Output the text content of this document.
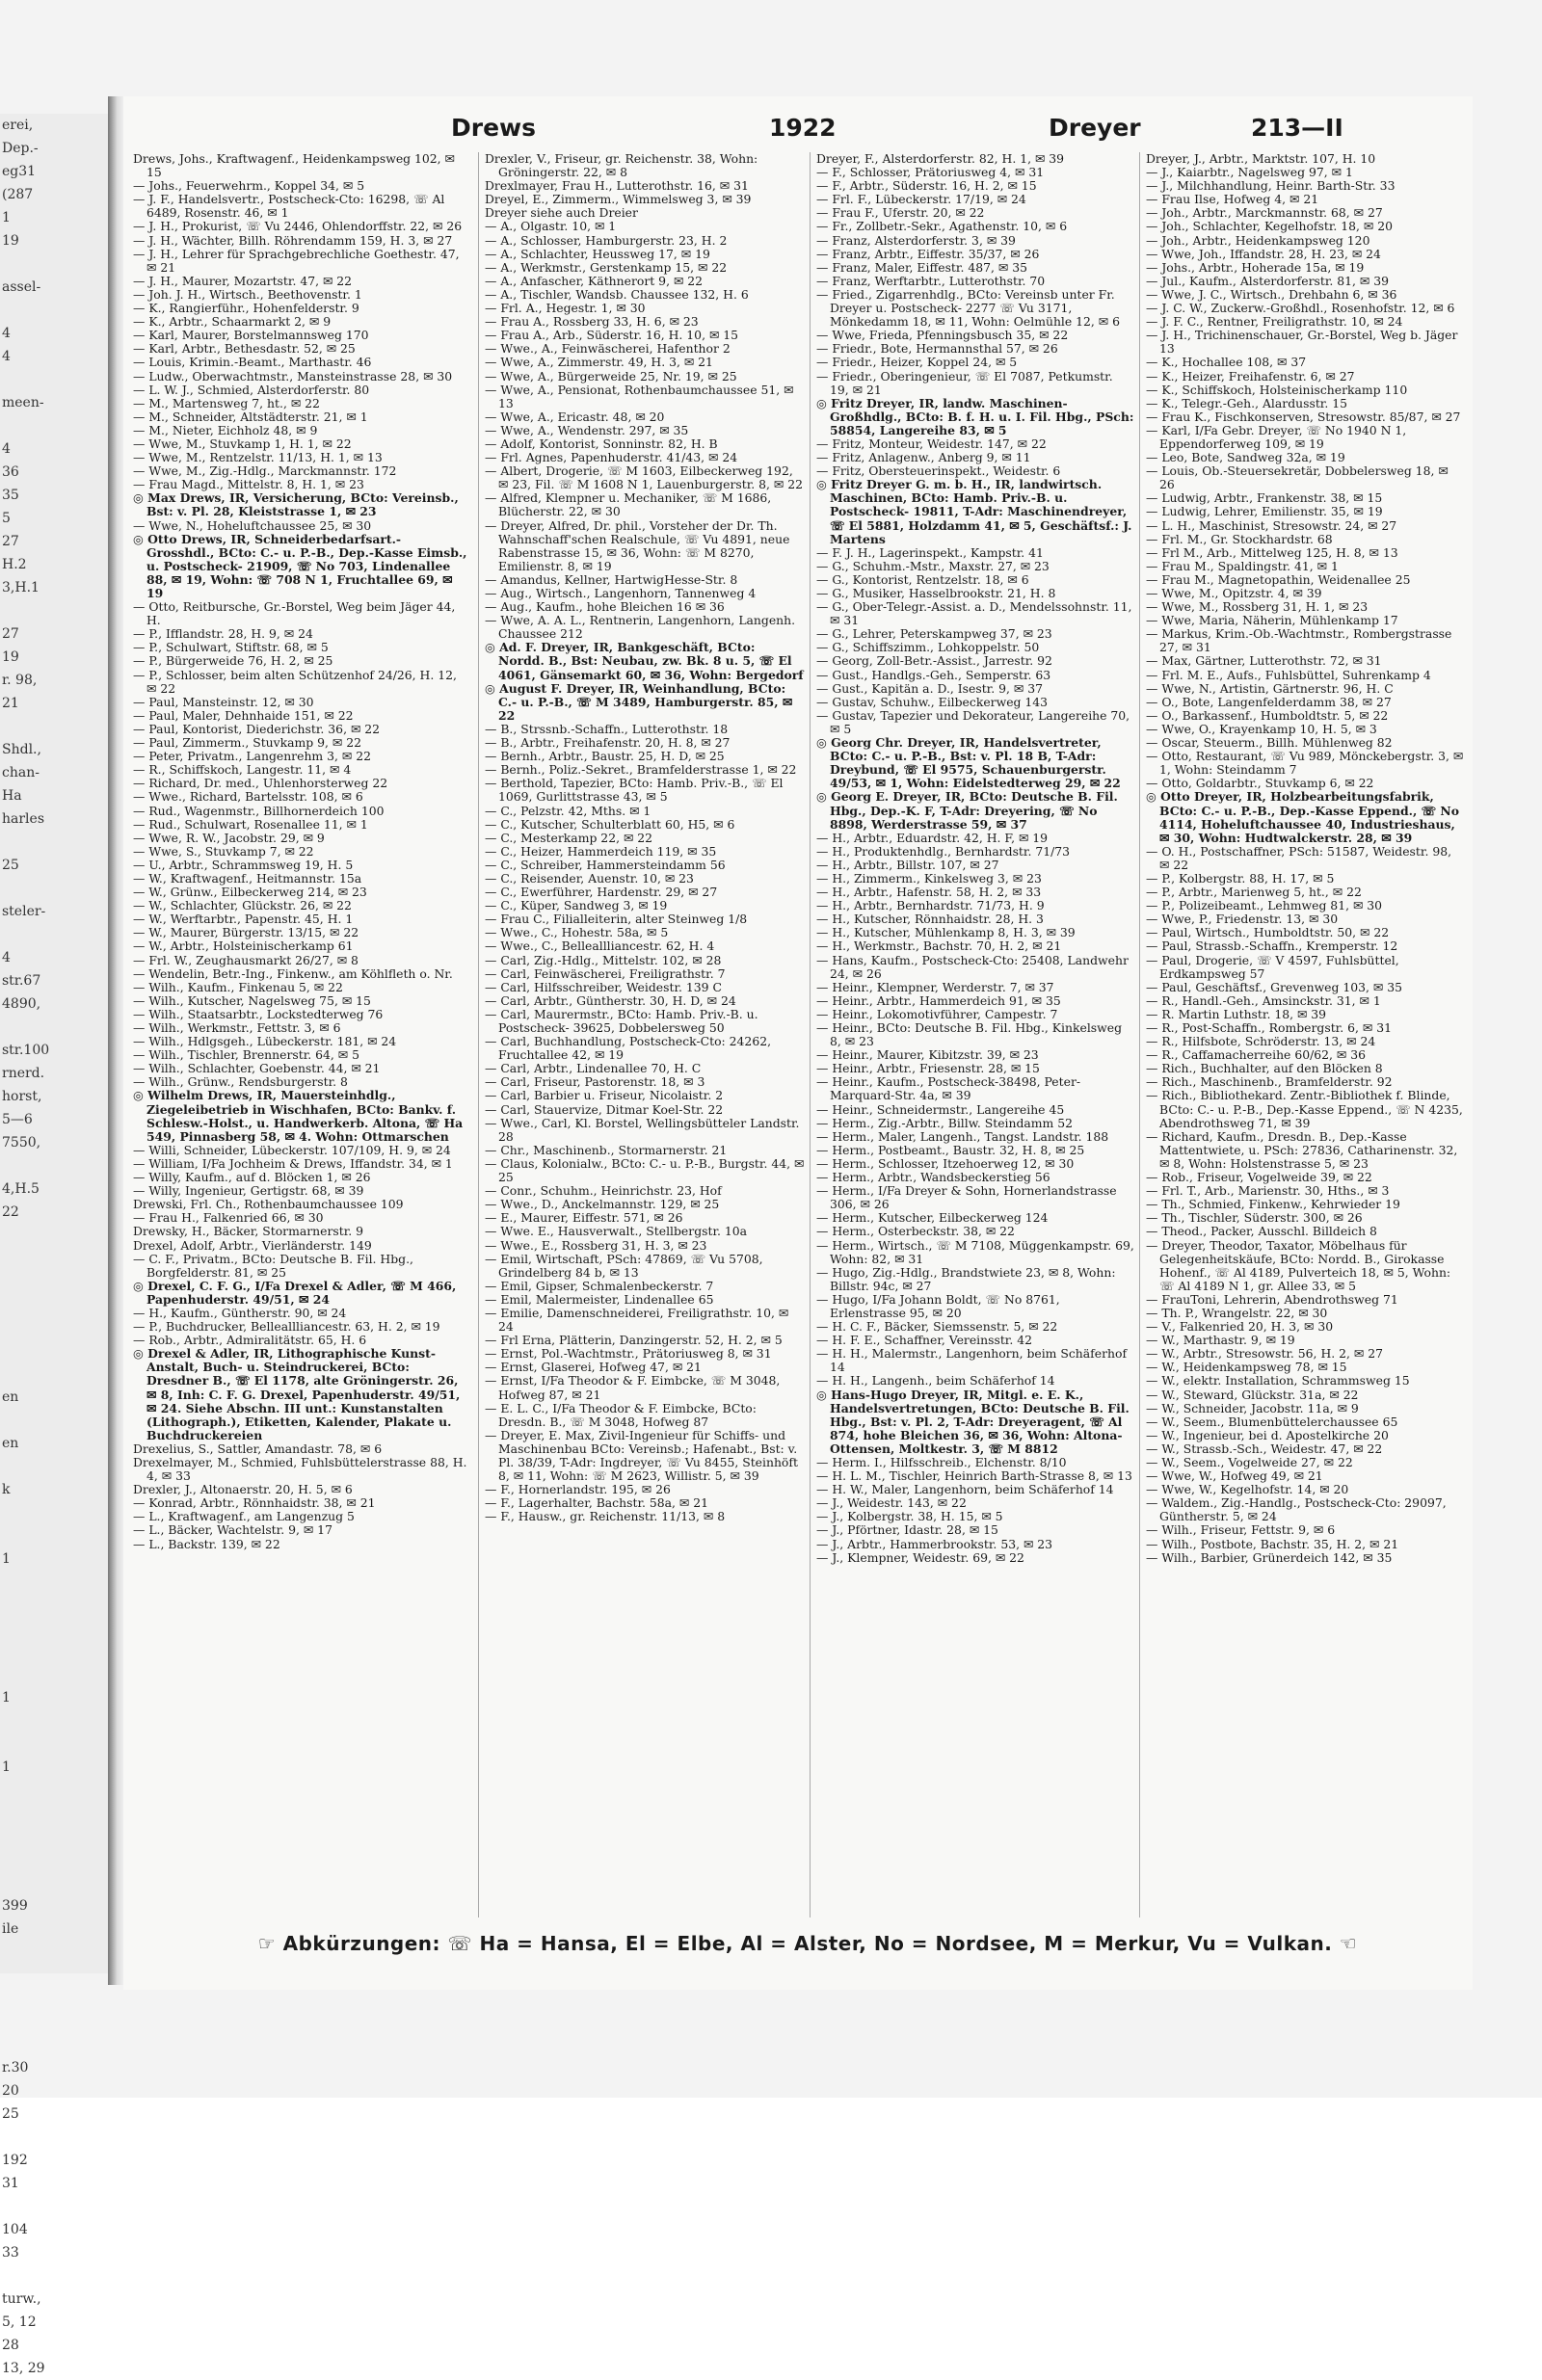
erei,
Dep.-
eg31
(287
1
19

assel-

4
4

meen-

4
36
35
5
27
H.2
3,H.1

27
19
r. 98,
21

Shdl.,
chan-
Ha
harles

25

steler-

4
str.67
4890,

str.100
rnerd.
horst,
5—6
7550,

4,H.5
22

en

en

k

1

1

1

399
ile

r.30
20
25

192
31

104
33

turw.,
5, 12
28
13, 29
Drews	1922	Dreyer	213—II

Drews, Johs., Kraftwagenf., Heidenkampsweg 102, ✉ 15

— Johs., Feuerwehrm., Koppel 34, ✉ 5

— J. F., Handelsvertr., Postscheck-Cto: 16298, ☏ Al 6489, Rosenstr. 46, ✉ 1

— J. H., Prokurist, ☏ Vu 2446, Ohlendorffstr. 22, ✉ 26

— J. H., Wächter, Billh. Röhrendamm 159, H. 3, ✉ 27

— J. H., Lehrer für Sprachgebrechliche Goethestr. 47, ✉ 21

— J. H., Maurer, Mozartstr. 47, ✉ 22

— Joh. J. H., Wirtsch., Beethovenstr. 1

— K., Rangierführ., Hohenfelderstr. 9

— K., Arbtr., Schaarmarkt 2, ✉ 9

— Karl, Maurer, Borstelmannsweg 170

— Karl, Arbtr., Bethesdastr. 52, ✉ 25

— Louis, Krimin.-Beamt., Marthastr. 46

— Ludw., Oberwachtmstr., Mansteinstrasse 28, ✉ 30

— L. W. J., Schmied, Alsterdorferstr. 80

— M., Martensweg 7, ht., ✉ 22

— M., Schneider, Altstädterstr. 21, ✉ 1

— M., Nieter, Eichholz 48, ✉ 9

— Wwe, M., Stuvkamp 1, H. 1, ✉ 22

— Wwe, M., Rentzelstr. 11/13, H. 1, ✉ 13

— Wwe, M., Zig.-Hdlg., Marckmannstr. 172

— Frau Magd., Mittelstr. 8, H. 1, ✉ 23

◎ Max Drews, IR, Versicherung, BCto: Vereinsb., Bst: v. Pl. 28, Kleiststrasse 1, ✉ 23

— Wwe, N., Hoheluftchaussee 25, ✉ 30

◎ Otto Drews, IR, Schneiderbedarfsart.-Grosshdl., BCto: C.- u. P.-B., Dep.-Kasse Eimsb., u. Postscheck- 21909, ☏ No 703, Lindenallee 88, ✉ 19, Wohn: ☏ 708 N 1, Fruchtallee 69, ✉ 19

— Otto, Reitbursche, Gr.-Borstel, Weg beim Jäger 44, H.

— P., Ifflandstr. 28, H. 9, ✉ 24

— P., Schulwart, Stiftstr. 68, ✉ 5

— P., Bürgerweide 76, H. 2, ✉ 25

— P., Schlosser, beim alten Schützenhof 24/26, H. 12, ✉ 22

— Paul, Mansteinstr. 12, ✉ 30

— Paul, Maler, Dehnhaide 151, ✉ 22

— Paul, Kontorist, Diederichstr. 36, ✉ 22

— Paul, Zimmerm., Stuvkamp 9, ✉ 22

— Peter, Privatm., Langenrehm 3, ✉ 22

— R., Schiffskoch, Langestr. 11, ✉ 4

— Richard, Dr. med., Uhlenhorsterweg 22

— Wwe., Richard, Bartelsstr. 108, ✉ 6

— Rud., Wagenmstr., Billhornerdeich 100

— Rud., Schulwart, Rosenallee 11, ✉ 1

— Wwe, R. W., Jacobstr. 29, ✉ 9

— Wwe, S., Stuvkamp 7, ✉ 22

— U., Arbtr., Schrammsweg 19, H. 5

— W., Kraftwagenf., Heitmannstr. 15a

— W., Grünw., Eilbeckerweg 214, ✉ 23

— W., Schlachter, Glückstr. 26, ✉ 22

— W., Werftarbtr., Papenstr. 45, H. 1

— W., Maurer, Bürgerstr. 13/15, ✉ 22

— W., Arbtr., Holsteinischerkamp 61

— Frl. W., Zeughausmarkt 26/27, ✉ 8

— Wendelin, Betr.-Ing., Finkenw., am Köhlfleth o. Nr.

— Wilh., Kaufm., Finkenau 5, ✉ 22

— Wilh., Kutscher, Nagelsweg 75, ✉ 15

— Wilh., Staatsarbtr., Lockstedterweg 76

— Wilh., Werkmstr., Fettstr. 3, ✉ 6

— Wilh., Hdlgsgeh., Lübeckerstr. 181, ✉ 24

— Wilh., Tischler, Brennerstr. 64, ✉ 5

— Wilh., Schlachter, Goebenstr. 44, ✉ 21

— Wilh., Grünw., Rendsburgerstr. 8

◎ Wilhelm Drews, IR, Mauersteinhdlg., Ziegeleibetrieb in Wischhafen, BCto: Bankv. f. Schlesw.-Holst., u. Handwerkerb. Altona, ☏ Ha 549, Pinnasberg 58, ✉ 4. Wohn: Ottmarschen

— Willi, Schneider, Lübeckerstr. 107/109, H. 9, ✉ 24

— William, I/Fa Jochheim & Drews, Iffandstr. 34, ✉ 1

— Willy, Kaufm., auf d. Blöcken 1, ✉ 26

— Willy, Ingenieur, Gertigstr. 68, ✉ 39

Drewski, Frl. Ch., Rothenbaumchaussee 109

— Frau H., Falkenried 66, ✉ 30

Drewsky, H., Bäcker, Stormarnerstr. 9

Drexel, Adolf, Arbtr., Vierländerstr. 149

— C. F., Privatm., BCto: Deutsche B. Fil. Hbg., Borgfelderstr. 81, ✉ 25

◎ Drexel, C. F. G., I/Fa Drexel & Adler, ☏ M 466, Papenhuderstr. 49/51, ✉ 24

— H., Kaufm., Güntherstr. 90, ✉ 24

— P., Buchdrucker, Belleallliancestr. 63, H. 2, ✉ 19

— Rob., Arbtr., Admiralitätstr. 65, H. 6

◎ Drexel & Adler, IR, Lithographische Kunst-Anstalt, Buch- u. Steindruckerei, BCto: Dresdner B., ☏ El 1178, alte Gröningerstr. 26, ✉ 8, Inh: C. F. G. Drexel, Papenhuderstr. 49/51, ✉ 24. Siehe Abschn. III unt.: Kunstanstalten (Lithograph.), Etiketten, Kalender, Plakate u. Buchdruckereien

Drexelius, S., Sattler, Amandastr. 78, ✉ 6

Drexelmayer, M., Schmied, Fuhlsbüttelerstrasse 88, H. 4, ✉ 33

Drexler, J., Altonaerstr. 20, H. 5, ✉ 6

— Konrad, Arbtr., Rönnhaidstr. 38, ✉ 21

— L., Kraftwagenf., am Langenzug 5

— L., Bäcker, Wachtelstr. 9, ✉ 17

— L., Backstr. 139, ✉ 22

Drexler, V., Friseur, gr. Reichenstr. 38, Wohn: Gröningerstr. 22, ✉ 8

Drexlmayer, Frau H., Lutterothstr. 16, ✉ 31

Dreyel, E., Zimmerm., Wimmelsweg 3, ✉ 39

Dreyer siehe auch Dreier

— A., Olgastr. 10, ✉ 1

— A., Schlosser, Hamburgerstr. 23, H. 2

— A., Schlachter, Heussweg 17, ✉ 19

— A., Werkmstr., Gerstenkamp 15, ✉ 22

— A., Anfascher, Käthnerort 9, ✉ 22

— A., Tischler, Wandsb. Chaussee 132, H. 6

— Frl. A., Hegestr. 1, ✉ 30

— Frau A., Rossberg 33, H. 6, ✉ 23

— Frau A., Arb., Süderstr. 16, H. 10, ✉ 15

— Wwe., A., Feinwäscherei, Hafenthor 2

— Wwe, A., Zimmerstr. 49, H. 3, ✉ 21

— Wwe, A., Bürgerweide 25, Nr. 19, ✉ 25

— Wwe, A., Pensionat, Rothenbaumchaussee 51, ✉ 13

— Wwe, A., Ericastr. 48, ✉ 20

— Wwe, A., Wendenstr. 297, ✉ 35

— Adolf, Kontorist, Sonninstr. 82, H. B

— Frl. Agnes, Papenhuderstr. 41/43, ✉ 24

— Albert, Drogerie, ☏ M 1603, Eilbeckerweg 192, ✉ 23, Fil. ☏ M 1608 N 1, Lauenburgerstr. 8, ✉ 22

— Alfred, Klempner u. Mechaniker, ☏ M 1686, Blücherstr. 22, ✉ 30

— Dreyer, Alfred, Dr. phil., Vorsteher der Dr. Th. Wahnschaff'schen Realschule, ☏ Vu 4891, neue Rabenstrasse 15, ✉ 36, Wohn: ☏ M 8270, Emilienstr. 8, ✉ 19

— Amandus, Kellner, HartwigHesse-Str. 8

— Aug., Wirtsch., Langenhorn, Tannenweg 4

— Aug., Kaufm., hohe Bleichen 16 ✉ 36

— Wwe, A. A. L., Rentnerin, Langenhorn, Langenh. Chaussee 212

◎ Ad. F. Dreyer, IR, Bankgeschäft, BCto: Nordd. B., Bst: Neubau, zw. Bk. 8 u. 5, ☏ El 4061, Gänsemarkt 60, ✉ 36, Wohn: Bergedorf

◎ August F. Dreyer, IR, Weinhandlung, BCto: C.- u. P.-B., ☏ M 3489, Hamburgerstr. 85, ✉ 22

— B., Strssnb.-Schaffn., Lutterothstr. 18

— B., Arbtr., Freihafenstr. 20, H. 8, ✉ 27

— Bernh., Arbtr., Baustr. 25, H. D, ✉ 25

— Bernh., Poliz.-Sekret., Bramfelderstrasse 1, ✉ 22

— Berthold, Tapezier, BCto: Hamb. Priv.-B., ☏ El 1069, Gurlittstrasse 43, ✉ 5

— C., Pelzstr. 42, Mths. ✉ 1

— C., Kutscher, Schulterblatt 60, H5, ✉ 6

— C., Mesterkamp 22, ✉ 22

— C., Heizer, Hammerdeich 119, ✉ 35

— C., Schreiber, Hammersteindamm 56

— C., Reisender, Auenstr. 10, ✉ 23

— C., Ewerführer, Hardenstr. 29, ✉ 27

— C., Küper, Sandweg 3, ✉ 19

— Frau C., Filialleiterin, alter Steinweg 1/8

— Wwe., C., Hohestr. 58a, ✉ 5

— Wwe., C., Belleallliancestr. 62, H. 4

— Carl, Zig.-Hdlg., Mittelstr. 102, ✉ 28

— Carl, Feinwäscherei, Freiligrathstr. 7

— Carl, Hilfsschreiber, Weidestr. 139 C

— Carl, Arbtr., Güntherstr. 30, H. D, ✉ 24

— Carl, Maurermstr., BCto: Hamb. Priv.-B. u. Postscheck- 39625, Dobbelersweg 50

— Carl, Buchhandlung, Postscheck-Cto: 24262, Fruchtallee 42, ✉ 19

— Carl, Arbtr., Lindenallee 70, H. C

— Carl, Friseur, Pastorenstr. 18, ✉ 3

— Carl, Barbier u. Friseur, Nicolaistr. 2

— Carl, Stauervize, Ditmar Koel-Str. 22

— Wwe., Carl, Kl. Borstel, Wellingsbütteler Landstr. 28

— Chr., Maschinenb., Stormarnerstr. 21

— Claus, Kolonialw., BCto: C.- u. P.-B., Burgstr. 44, ✉ 25

— Conr., Schuhm., Heinrichstr. 23, Hof

— Wwe., D., Anckelmannstr. 129, ✉ 25

— E., Maurer, Eiffestr. 571, ✉ 26

— Wwe. E., Hausverwalt., Stellbergstr. 10a

— Wwe., E., Rossberg 31, H. 3, ✉ 23

— Emil, Wirtschaft, PSch: 47869, ☏ Vu 5708, Grindelberg 84 b, ✉ 13

— Emil, Gipser, Schmalenbeckerstr. 7

— Emil, Malermeister, Lindenallee 65

— Emilie, Damenschneiderei, Freiligrathstr. 10, ✉ 24

— Frl Erna, Plätterin, Danzingerstr. 52, H. 2, ✉ 5

— Ernst, Pol.-Wachtmstr., Prätoriusweg 8, ✉ 31

— Ernst, Glaserei, Hofweg 47, ✉ 21

— Ernst, I/Fa Theodor & F. Eimbcke, ☏ M 3048, Hofweg 87, ✉ 21

— E. L. C., I/Fa Theodor & F. Eimbcke, BCto: Dresdn. B., ☏ M 3048, Hofweg 87

— Dreyer, E. Max, Zivil-Ingenieur für Schiffs- und Maschinenbau BCto: Vereinsb.; Hafenabt., Bst: v. Pl. 38/39, T-Adr: Ingdreyer, ☏ Vu 8455, Steinhöft 8, ✉ 11, Wohn: ☏ M 2623, Willistr. 5, ✉ 39

— F., Hornerlandstr. 195, ✉ 26

— F., Lagerhalter, Bachstr. 58a, ✉ 21

— F., Hausw., gr. Reichenstr. 11/13, ✉ 8

Dreyer, F., Alsterdorferstr. 82, H. 1, ✉ 39

— F., Schlosser, Prätoriusweg 4, ✉ 31

— F., Arbtr., Süderstr. 16, H. 2, ✉ 15

— Frl. F., Lübeckerstr. 17/19, ✉ 24

— Frau F., Uferstr. 20, ✉ 22

— Fr., Zollbetr.-Sekr., Agathenstr. 10, ✉ 6

— Franz, Alsterdorferstr. 3, ✉ 39

— Franz, Arbtr., Eiffestr. 35/37, ✉ 26

— Franz, Maler, Eiffestr. 487, ✉ 35

— Franz, Werftarbtr., Lutterothstr. 70

— Fried., Zigarrenhdlg., BCto: Vereinsb unter Fr. Dreyer u. Postscheck- 2277 ☏ Vu 3171, Mönkedamm 18, ✉ 11, Wohn: Oelmühle 12, ✉ 6

— Wwe, Frieda, Pfenningsbusch 35, ✉ 22

— Friedr., Bote, Hermannsthal 57, ✉ 26

— Friedr., Heizer, Koppel 24, ✉ 5

— Friedr., Oberingenieur, ☏ El 7087, Petkumstr. 19, ✉ 21

◎ Fritz Dreyer, IR, landw. Maschinen-Großhdlg., BCto: B. f. H. u. I. Fil. Hbg., PSch: 58854, Langereihe 83, ✉ 5

— Fritz, Monteur, Weidestr. 147, ✉ 22

— Fritz, Anlagenw., Anberg 9, ✉ 11

— Fritz, Obersteuerinspekt., Weidestr. 6

◎ Fritz Dreyer G. m. b. H., IR, landwirtsch. Maschinen, BCto: Hamb. Priv.-B. u. Postscheck- 19811, T-Adr: Maschinendreyer, ☏ El 5881, Holzdamm 41, ✉ 5, Geschäftsf.: J. Martens

— F. J. H., Lagerinspekt., Kampstr. 41

— G., Schuhm.-Mstr., Maxstr. 27, ✉ 23

— G., Kontorist, Rentzelstr. 18, ✉ 6

— G., Musiker, Hasselbrookstr. 21, H. 8

— G., Ober-Telegr.-Assist. a. D., Mendelssohnstr. 11, ✉ 31

— G., Lehrer, Peterskampweg 37, ✉ 23

— G., Schiffszimm., Lohkoppelstr. 50

— Georg, Zoll-Betr.-Assist., Jarrestr. 92

— Gust., Handlgs.-Geh., Semperstr. 63

— Gust., Kapitän a. D., Isestr. 9, ✉ 37

— Gustav, Schuhw., Eilbeckerweg 143

— Gustav, Tapezier und Dekorateur, Langereihe 70, ✉ 5

◎ Georg Chr. Dreyer, IR, Handelsvertreter, BCto: C.- u. P.-B., Bst: v. Pl. 18 B, T-Adr: Dreybund, ☏ El 9575, Schauenburgerstr. 49/53, ✉ 1, Wohn: Eidelstedterweg 29, ✉ 22

◎ Georg E. Dreyer, IR, BCto: Deutsche B. Fil. Hbg., Dep.-K. F, T-Adr: Dreyering, ☏ No 8898, Werderstrasse 59, ✉ 37

— H., Arbtr., Eduardstr. 42, H. F, ✉ 19

— H., Produktenhdlg., Bernhardstr. 71/73

— H., Arbtr., Billstr. 107, ✉ 27

— H., Zimmerm., Kinkelsweg 3, ✉ 23

— H., Arbtr., Hafenstr. 58, H. 2, ✉ 33

— H., Arbtr., Bernhardstr. 71/73, H. 9

— H., Kutscher, Rönnhaidstr. 28, H. 3

— H., Kutscher, Mühlenkamp 8, H. 3, ✉ 39

— H., Werkmstr., Bachstr. 70, H. 2, ✉ 21

— Hans, Kaufm., Postscheck-Cto: 25408, Landwehr 24, ✉ 26

— Heinr., Klempner, Werderstr. 7, ✉ 37

— Heinr., Arbtr., Hammerdeich 91, ✉ 35

— Heinr., Lokomotivführer, Campestr. 7

— Heinr., BCto: Deutsche B. Fil. Hbg., Kinkelsweg 8, ✉ 23

— Heinr., Maurer, Kibitzstr. 39, ✉ 23

— Heinr., Arbtr., Friesenstr. 28, ✉ 15

— Heinr., Kaufm., Postscheck-38498, Peter-Marquard-Str. 4a, ✉ 39

— Heinr., Schneidermstr., Langereihe 45

— Herm., Zig.-Arbtr., Billw. Steindamm 52

— Herm., Maler, Langenh., Tangst. Landstr. 188

— Herm., Postbeamt., Baustr. 32, H. 8, ✉ 25

— Herm., Schlosser, Itzehoerweg 12, ✉ 30

— Herm., Arbtr., Wandsbeckerstieg 56

— Herm., I/Fa Dreyer & Sohn, Hornerlandstrasse 306, ✉ 26

— Herm., Kutscher, Eilbeckerweg 124

— Herm., Osterbeckstr. 38, ✉ 22

— Herm., Wirtsch., ☏ M 7108, Müggenkampstr. 69, Wohn: 82, ✉ 31

— Hugo, Zig.-Hdlg., Brandstwiete 23, ✉ 8, Wohn: Billstr. 94c, ✉ 27

— Hugo, I/Fa Johann Boldt, ☏ No 8761, Erlenstrasse 95, ✉ 20

— H. C. F., Bäcker, Siemssenstr. 5, ✉ 22

— H. F. E., Schaffner, Vereinsstr. 42

— H. H., Malermstr., Langenhorn, beim Schäferhof 14

— H. H., Langenh., beim Schäferhof 14

◎ Hans-Hugo Dreyer, IR, Mitgl. e. E. K., Handelsvertretungen, BCto: Deutsche B. Fil. Hbg., Bst: v. Pl. 2, T-Adr: Dreyeragent, ☏ Al 874, hohe Bleichen 36, ✉ 36, Wohn: Altona-Ottensen, Moltkestr. 3, ☏ M 8812

— Herm. I., Hilfsschreib., Elchenstr. 8/10

— H. L. M., Tischler, Heinrich Barth-Strasse 8, ✉ 13

— H. W., Maler, Langenhorn, beim Schäferhof 14

— J., Weidestr. 143, ✉ 22

— J., Kolbergstr. 38, H. 15, ✉ 5

— J., Pförtner, Idastr. 28, ✉ 15

— J., Arbtr., Hammerbrookstr. 53, ✉ 23

— J., Klempner, Weidestr. 69, ✉ 22

Dreyer, J., Arbtr., Marktstr. 107, H. 10

— J., Kaiarbtr., Nagelsweg 97, ✉ 1

— J., Milchhandlung, Heinr. Barth-Str. 33

— Frau Ilse, Hofweg 4, ✉ 21

— Joh., Arbtr., Marckmannstr. 68, ✉ 27

— Joh., Schlachter, Kegelhofstr. 18, ✉ 20

— Joh., Arbtr., Heidenkampsweg 120

— Wwe, Joh., Iffandstr. 28, H. 23, ✉ 24

— Johs., Arbtr., Hoherade 15a, ✉ 19

— Jul., Kaufm., Alsterdorferstr. 81, ✉ 39

— Wwe, J. C., Wirtsch., Drehbahn 6, ✉ 36

— J. C. W., Zuckerw.-Großhdl., Rosenhofstr. 12, ✉ 6

— J. F. C., Rentner, Freiligrathstr. 10, ✉ 24

— J. H., Trichinenschauer, Gr.-Borstel, Weg b. Jäger 13

— K., Hochallee 108, ✉ 37

— K., Heizer, Freihafenstr. 6, ✉ 27

— K., Schiffskoch, Holsteinischerkamp 110

— K., Telegr.-Geh., Alardusstr. 15

— Frau K., Fischkonserven, Stresowstr. 85/87, ✉ 27

— Karl, I/Fa Gebr. Dreyer, ☏ No 1940 N 1, Eppendorferweg 109, ✉ 19

— Leo, Bote, Sandweg 32a, ✉ 19

— Louis, Ob.-Steuersekretär, Dobbelersweg 18, ✉ 26

— Ludwig, Arbtr., Frankenstr. 38, ✉ 15

— Ludwig, Lehrer, Emilienstr. 35, ✉ 19

— L. H., Maschinist, Stresowstr. 24, ✉ 27

— Frl. M., Gr. Stockhardstr. 68

— Frl M., Arb., Mittelweg 125, H. 8, ✉ 13

— Frau M., Spaldingstr. 41, ✉ 1

— Frau M., Magnetopathin, Weidenallee 25

— Wwe, M., Opitzstr. 4, ✉ 39

— Wwe, M., Rossberg 31, H. 1, ✉ 23

— Wwe, Maria, Näherin, Mühlenkamp 17

— Markus, Krim.-Ob.-Wachtmstr., Rombergstrasse 27, ✉ 31

— Max, Gärtner, Lutterothstr. 72, ✉ 31

— Frl. M. E., Aufs., Fuhlsbüttel, Suhrenkamp 4

— Wwe, N., Artistin, Gärtnerstr. 96, H. C

— O., Bote, Langenfelderdamm 38, ✉ 27

— O., Barkassenf., Humboldtstr. 5, ✉ 22

— Wwe, O., Krayenkamp 10, H. 5, ✉ 3

— Oscar, Steuerm., Billh. Mühlenweg 82

— Otto, Restaurant, ☏ Vu 989, Mönckebergstr. 3, ✉ 1, Wohn: Steindamm 7

— Otto, Goldarbtr., Stuvkamp 6, ✉ 22

◎ Otto Dreyer, IR, Holzbearbeitungsfabrik, BCto: C.- u. P.-B., Dep.-Kasse Eppend., ☏ No 4114, Hoheluftchaussee 40, Industrieshaus, ✉ 30, Wohn: Hudtwalckerstr. 28, ✉ 39

— O. H., Postschaffner, PSch: 51587, Weidestr. 98, ✉ 22

— P., Kolbergstr. 88, H. 17, ✉ 5

— P., Arbtr., Marienweg 5, ht., ✉ 22

— P., Polizeibeamt., Lehmweg 81, ✉ 30

— Wwe, P., Friedenstr. 13, ✉ 30

— Paul, Wirtsch., Humboldtstr. 50, ✉ 22

— Paul, Strassb.-Schaffn., Kremperstr. 12

— Paul, Drogerie, ☏ V 4597, Fuhlsbüttel, Erdkampsweg 57

— Paul, Geschäftsf., Grevenweg 103, ✉ 35

— R., Handl.-Geh., Amsinckstr. 31, ✉ 1

— R. Martin Luthstr. 18, ✉ 39

— R., Post-Schaffn., Rombergstr. 6, ✉ 31

— R., Hilfsbote, Schröderstr. 13, ✉ 24

— R., Caffamacherreihe 60/62, ✉ 36

— Rich., Buchhalter, auf den Blöcken 8

— Rich., Maschinenb., Bramfelderstr. 92

— Rich., Bibliothekard. Zentr.-Bibliothek f. Blinde, BCto: C.- u. P.-B., Dep.-Kasse Eppend., ☏ N 4235, Abendrothsweg 71, ✉ 39

— Richard, Kaufm., Dresdn. B., Dep.-Kasse Mattentwiete, u. PSch: 27836, Catharinenstr. 32, ✉ 8, Wohn: Holstenstrasse 5, ✉ 23

— Rob., Friseur, Vogelweide 39, ✉ 22

— Frl. T., Arb., Marienstr. 30, Hths., ✉ 3

— Th., Schmied, Finkenw., Kehrwieder 19

— Th., Tischler, Süderstr. 300, ✉ 26

— Theod., Packer, Ausschl. Billdeich 8

— Dreyer, Theodor, Taxator, Möbelhaus für Gelegenheitskäufe, BCto: Nordd. B., Girokasse Hohenf., ☏ Al 4189, Pulverteich 18, ✉ 5, Wohn: ☏ Al 4189 N 1, gr. Allee 33, ✉ 5

— FrauToni, Lehrerin, Abendrothsweg 71

— Th. P., Wrangelstr. 22, ✉ 30

— V., Falkenried 20, H. 3, ✉ 30

— W., Marthastr. 9, ✉ 19

— W., Arbtr., Stresowstr. 56, H. 2, ✉ 27

— W., Heidenkampsweg 78, ✉ 15

— W., elektr. Installation, Schrammsweg 15

— W., Steward, Glückstr. 31a, ✉ 22

— W., Schneider, Jacobstr. 11a, ✉ 9

— W., Seem., Blumenbüttelerchaussee 65

— W., Ingenieur, bei d. Apostelkirche 20

— W., Strassb.-Sch., Weidestr. 47, ✉ 22

— W., Seem., Vogelweide 27, ✉ 22

— Wwe, W., Hofweg 49, ✉ 21

— Wwe, W., Kegelhofstr. 14, ✉ 20

— Waldem., Zig.-Handlg., Postscheck-Cto: 29097, Güntherstr. 5, ✉ 24

— Wilh., Friseur, Fettstr. 9, ✉ 6

— Wilh., Postbote, Bachstr. 35, H. 2, ✉ 21

— Wilh., Barbier, Grünerdeich 142, ✉ 35

☞ Abkürzungen: ☏ Ha = Hansa, El = Elbe, Al = Alster, No = Nordsee, M = Merkur, Vu = Vulkan. ☜
